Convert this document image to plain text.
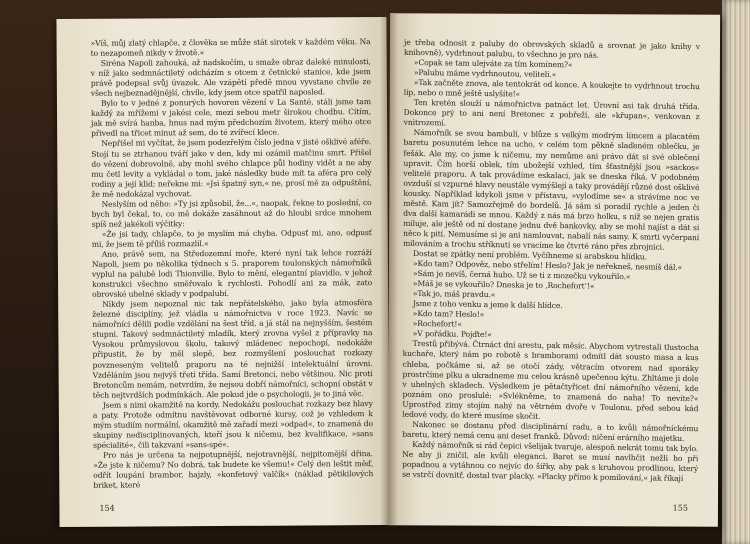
»Víš, můj zlatý chlapče, z člověka se může stát sirotek v každém věku. Na to nezapomeň nikdy v životě.«

Siréna Napoli zahouká, až nadskočím, u smaže obraz daleké minulosti, v níž jako sedmnáctiletý odcházím s otcem z četnické stanice, kde jsem právě podepsal svůj úvazek. Ale vzápětí předě mnou vyvstane chvíle ze všech nejbeznadějnější, chvíle, kdy jsem otce spatřil naposled.

Bylo to v jedné z ponurých hovoren vězení v La Santé, stáli jsme tam každý za mřížemi v jakési cele, mezi sebou metr širokou chodbu. Cítím, jak mě svírá hanba, hnus nad mým předchozím životem, který mého otce přivedl na třicet minut až sem, do té zvířecí klece.

Nepřišel mi vyčítat, že jsem podezřelým číslo jedna v jisté ošklivé aféře. Stojí tu se ztrhanou tváří jako v den, kdy mi ozámil matčinu smrt. Přišel do vězení dobrovolně, aby mohl svého chlapce půl hodiny vidět a ne aby mu četl levity a vykládal o tom, jaké následky bude mít ta aféra pro celý rodiny a její klid; neřekne mi: »Jsi špatný syn,« ne, prosí mě za odpuštění, že mě nedokázal vychovat.

Neslyším od něho: »Ty jsi způsobil, že...«, naopak, řekne to poslední, co bych byl čekal, to, co mě dokáže zasáhnout až do hloubi srdce mnohem spíš než jakékoli výčitky:

»Že jsi tady, chlapče, to je myslím má chyba. Odpusť mi, ano, odpusť mi, že jsem tě příliš rozmazlil.«

Ano, právě sem, na Středozemní moře, které nyní tak lehce rozráží Napoli, jsem po několika týdnech s 5. praporem toulonských námořníků vyplul na palubě lodi Thionville. Bylo to mění, elegantní plavidlo, v jehož konstrukci všechno směřovalo k rychlosti. Pohodlí ani za mák, zato obrovské uhelné sklady v podpalubí.

Nikdy jsem nepoznal nic tak nepřátelského, jako byla atmosféra železné disciplíny, jež vládla u námořnictva v roce 1923. Navíc se námořníci dělili podle vzdělání na šest tříd, a já stál na nejnyšším, šestém stupni. Takový sedmnáctiletý mladík, který zrovna vyšel z přípravky na Vysokou průmyslovou školu, takový mládenec nepochopí, nedokáže připustit, že by měl slepě, bez rozmyšlení poslouchat rozkazy povzneseným velitelů praporu na té nejnižší intelektuální úrovni. Vzděláním jsou nejvýš třetí třída. Samí Bretonci, nebo většinou. Nic proti Bretoncům nemám, netvrdím, že nejsou dobří námořníci, schopní obstát v těch nejtvrdších podmínkách. Ale pokud jde o psychologii, je to jiná věc.

Jsem s nimi okamžitě na kordy. Nedokážu poslouchat rozkazy bez hlavy a paty. Protože odmítnu navštěvovat odborné kursy, což je vzhledem k mým studiím normální, okamžitě mě zařadí mezi »odpad«, to znamená do skupiny nedisciplinovaných, kteří jsou k ničemu, bez kvalifikace, »sans spécialité«, čili takzvaní »sans-spé«.

Pro nás je určena ta nejpotupnější, nejotravnější, nejpitomější dřina. »Že jste k ničemu? No dobrá, tak budete ke všemu!« Celý den leštit měď, odřít loupání brambor, hajzly, »konfetový valčík« (náklad pětikilových briket, které

154

je třeba odnosit z paluby do obrovských skladů a srovnat je jako knihy v knihovně), vydrhnout palubu, to všechno je pro nás.

»Copak se tam ulejváte za tím komínem?«

»Palubu máme vydrhnoutou, veliteli.«

»Tak začněte znova, ale tentokrát od konce. A koukejte to vydrhnout trochu líp, nebo o mně ještě uslyšíte!«

Ten kretén slouží u námořnictva patnáct let. Úrovní asi tak druhá třída. Dokonce prý to ani není Bretonec z pobřeží, ale »křupan«, venkovan z vnitrozemí.

Námořník se svou bambulí, v blůze s velkým modrým límcem a placatém baretu posunutém lehce na ucho, v celém tom pěkně slaďeném oblečku, je fešák. Ale my, co jsme k ničemu, my nemůme ani právo dát si své oblečení upravit. Čím horší oblek, tím ubožejší vzhled, tím šťastnější jsou »sackos« velitelé praporu. A tak provádíme eskalaci, jak se dneska říká. V podobném ovzduší si vzpurné hlavy neustále vymýšlejí a taky provádějí různé dost ošklivé kousky. Například kdykoli jsme v přístavu, »vylodíme se« a strávíme noc ve městě. Kam jít? Samozřejmě do bordelů. Já sám si poradil rychle a jeden či dva další kamarádi se mnou. Každý z nás má brzo holku, s níž se nejen gratis miluje, ale ještě od ní dostane jednu dvě bankovky, aby se mohl najíst a dát si něco k pití. Nemusíme si je ani namlouvat, nabalí nás samy. K smrti vyčerpaní milováním a trochu stříknutí se vracíme ke čtvrté ráno přes zbrojnici.

Dostat se zpátky není problém. Vyčíhneme si arabskou hlídku.

»Kdo tam? Odpověz, nebo střelím! Heslo? Jak je neřekneš, nesmíš dál.«

»Sám je nevíš, černá hubo. Už se ti z mozečku vykouřilo.«

»Máš je se vykouřilo? Dneska je to ‚Rochefort‘!«

»Tak jo, máš pravdu.«

Jsme z toho venku a jeme k další hlídce.

»Kdo tam? Heslo!«

»Rochefort!«

»V pořádku. Pojďte!«

Trestů přibývá. Čtrnáct dní arestu, pak měsíc. Abychom vytrestali tlustocha kuchaře, který nám po robotě s bramborami odmítl dát sousto masa a kus chleba, počkáme si, až se otočí zády, větracím otvorem nad sporáky prostrčíme plku a ukradneme mu celou krásně upečenou kýtu. Zhltáme ji dole v uhelných skladech. Výsledkem je pětačtyřicet dní námořního vězení, kde poznám ono proslulé: »Svlékněme, to znamená do naha! To nevíte?« Uprostřed zimy stojím nahý na větrném dvoře v Toulonu, před sebou kád ledové vody, do které musíme skočit.

Nakonec se dostanu před disciplinární radu, a to kvůli námořníckému baretu, který nemá cenu ani deset franků. Důvod: ničení erárního majetku.

Každý námořník si rád čepici všelijak tvaruje, alespoň nekrát tomu tak bylo. Ne aby ji zničil, ale kvůli eleganci. Baret se musí navlhčit nežli ho při popadnou a vytáhnou co nejvíc do šířky, aby pak s kruhovou prodlinou, který se vstrčí dovnitř, dostal tvar placky. »Placky přímo k pomilování,« jak říkají

155
